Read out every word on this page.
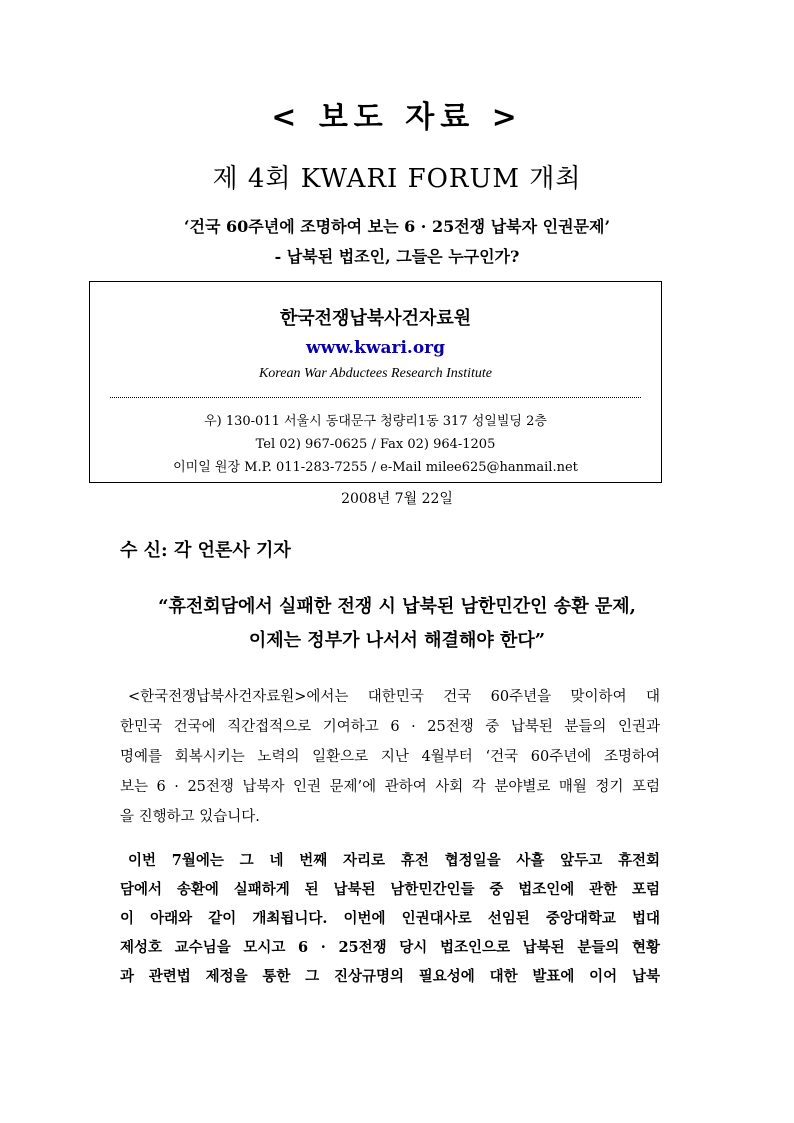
< 보도 자료 >
제 4회 KWARI FORUM 개최
‘건국 60주년에 조명하여 보는 6 · 25전쟁 납북자 인권문제’
- 납북된 법조인, 그들은 누구인가?
한국전쟁납북사건자료원
www.kwari.org
Korean War Abductees Research Institute
우) 130-011 서울시 동대문구 청량리1동 317 성일빌딩 2층
Tel 02) 967-0625 / Fax 02) 964-1205
이미일 원장 M.P. 011-283-7255 / e-Mail milee625@hanmail.net
2008년 7월 22일
수 신: 각 언론사 기자
“휴전회담에서 실패한 전쟁 시 납북된 남한민간인 송환 문제,
이제는 정부가 나서서 해결해야 한다”
<한국전쟁납북사건자료원>에서는 대한민국 건국 60주년을 맞이하여 대
한민국 건국에 직간접적으로 기여하고 6 · 25전쟁 중 납북된 분들의 인권과
명예를 회복시키는 노력의 일환으로 지난 4월부터 ‘건국 60주년에 조명하여
보는 6 · 25전쟁 납북자 인권 문제’에 관하여 사회 각 분야별로 매월 정기 포럼
을 진행하고 있습니다.
이번 7월에는 그 네 번째 자리로 휴전 협정일을 사흘 앞두고 휴전회
담에서 송환에 실패하게 된 납북된 남한민간인들 중 법조인에 관한 포럼
이 아래와 같이 개최됩니다. 이번에 인권대사로 선임된 중앙대학교 법대
제성호 교수님을 모시고 6 · 25전쟁 당시 법조인으로 납북된 분들의 현황
과 관련법 제정을 통한 그 진상규명의 필요성에 대한 발표에 이어 납북
